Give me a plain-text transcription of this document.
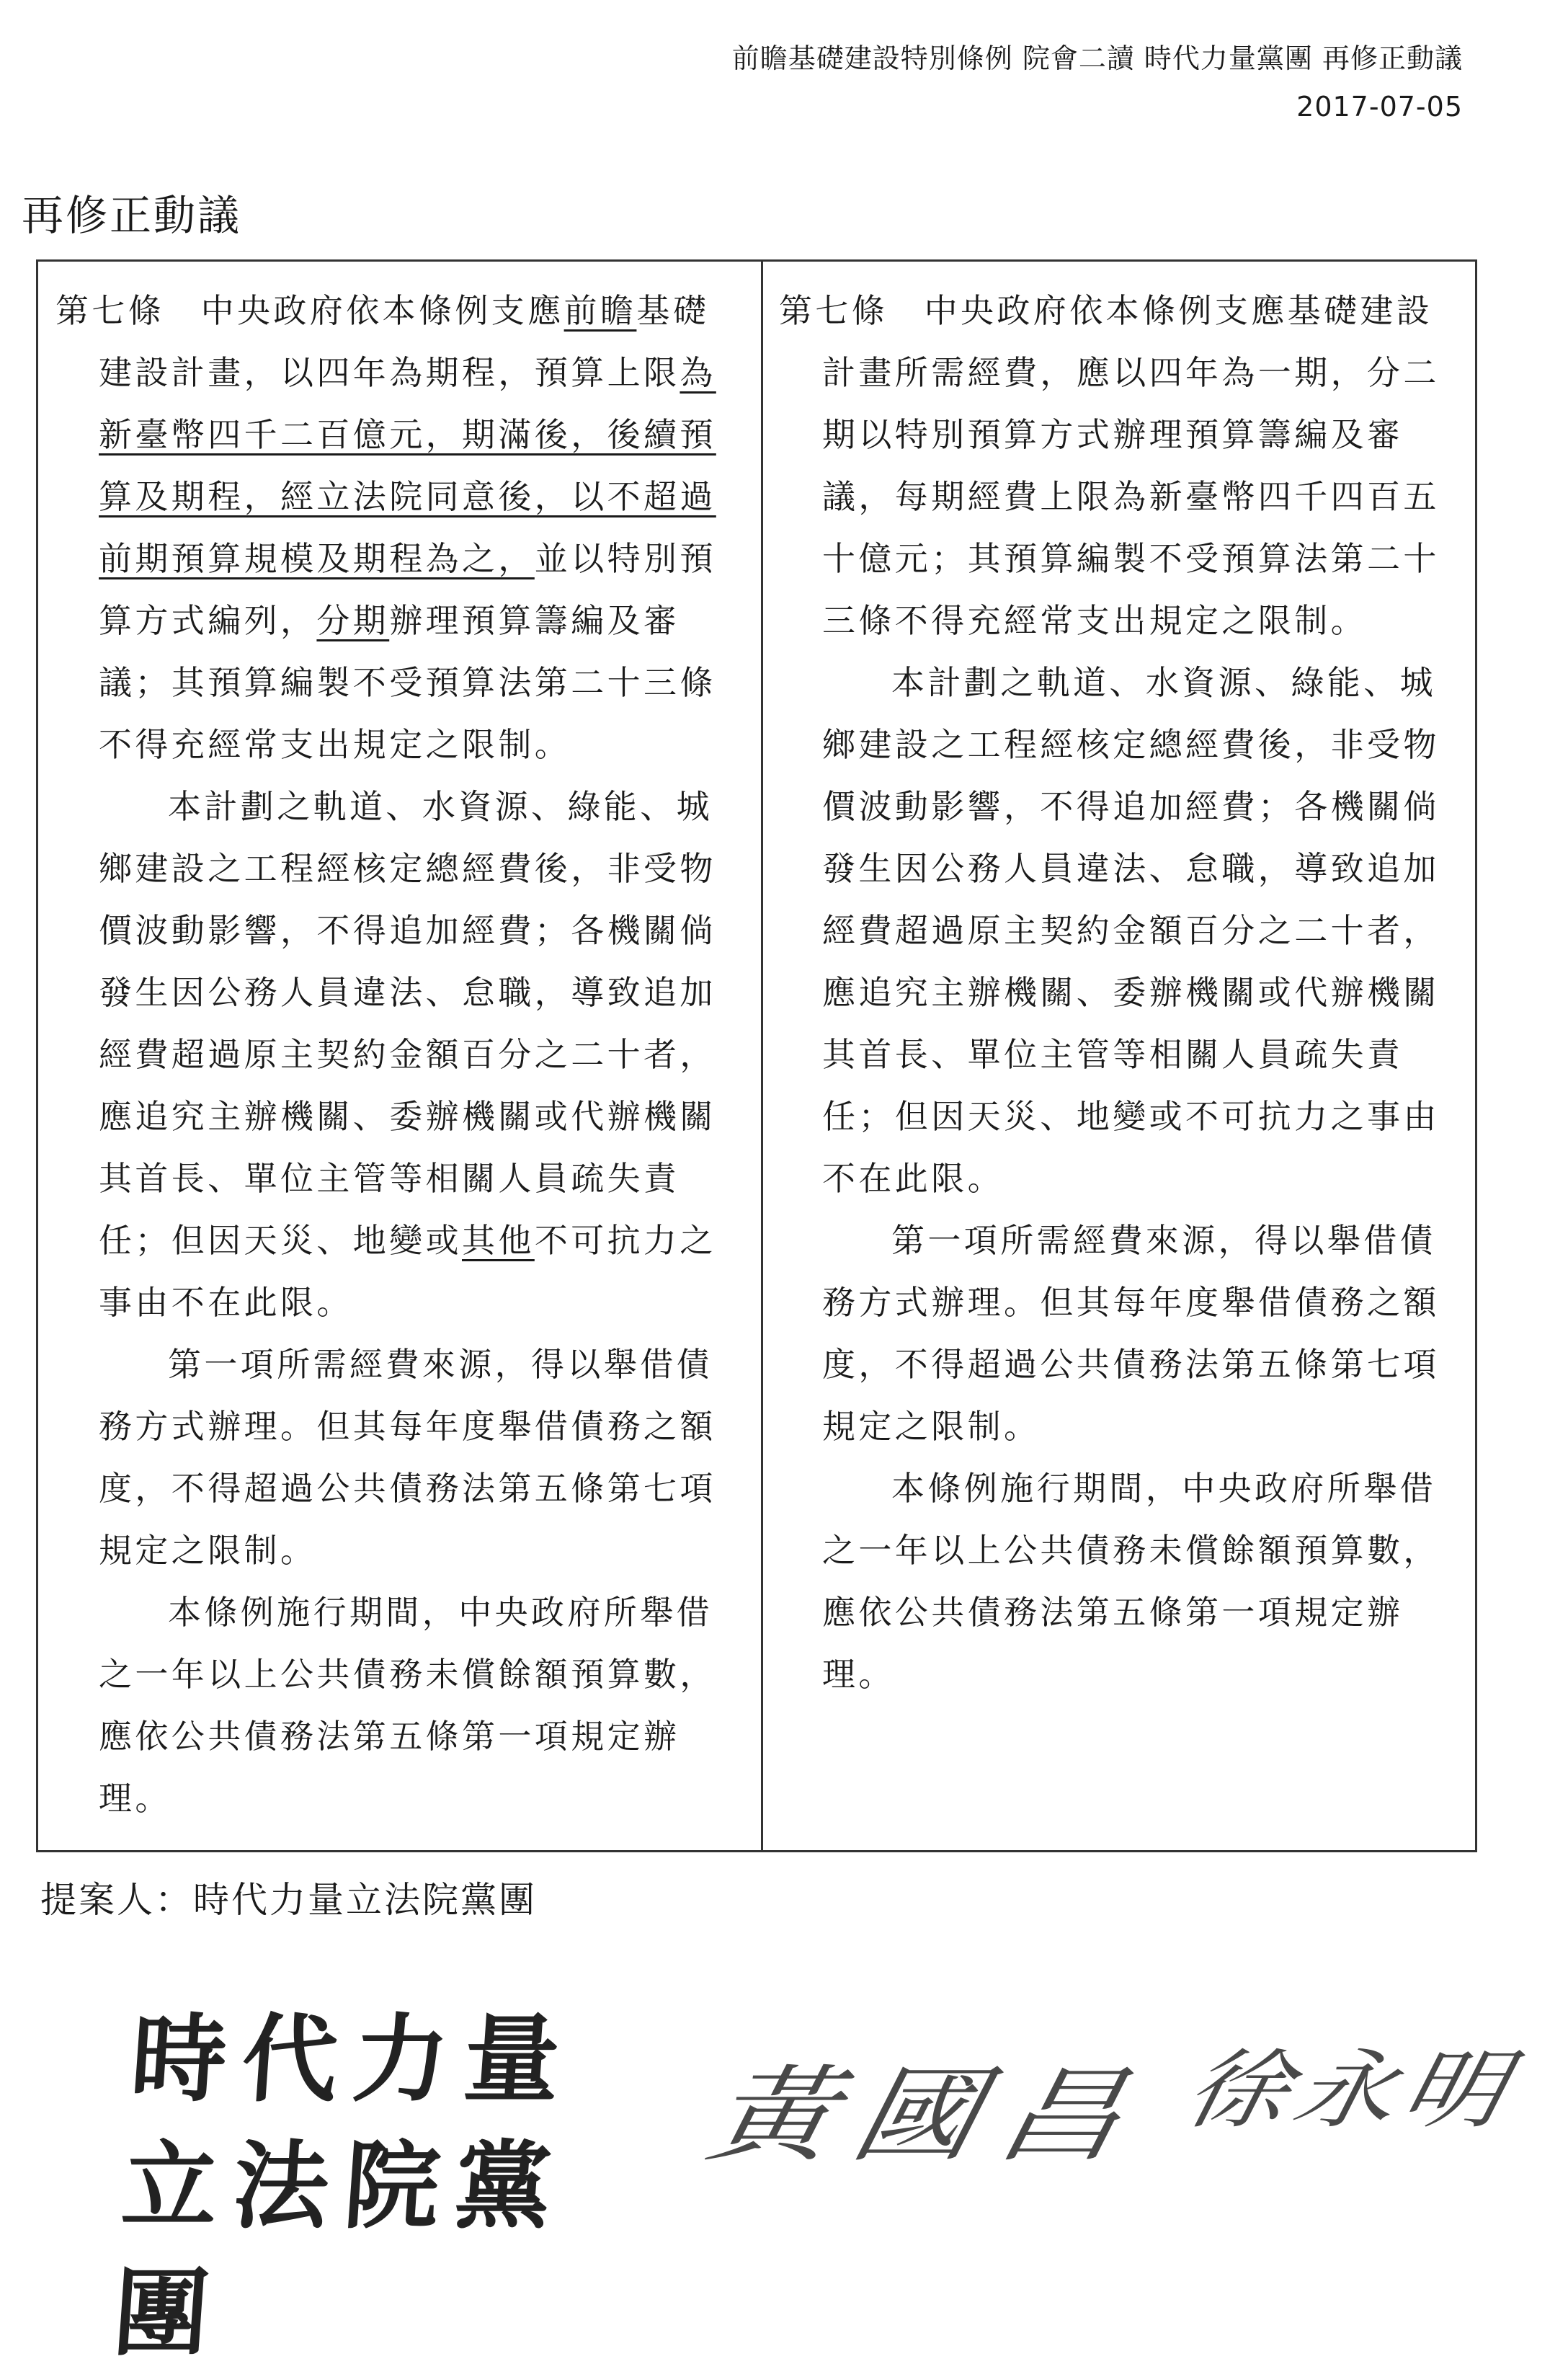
前瞻基礎建設特別條例 院會二讀 時代力量黨團 再修正動議
2017-07-05
再修正動議
第七條　中央政府依本條例支應前瞻基礎
建設計畫，以四年為期程，預算上限為
新臺幣四千二百億元，期滿後，後續預
算及期程，經立法院同意後，以不超過
前期預算規模及期程為之，並以特別預
算方式編列，分期辦理預算籌編及審
議；其預算編製不受預算法第二十三條
不得充經常支出規定之限制。
本計劃之軌道、水資源、綠能、城
鄉建設之工程經核定總經費後，非受物
價波動影響，不得追加經費；各機關倘
發生因公務人員違法、怠職，導致追加
經費超過原主契約金額百分之二十者，
應追究主辦機關、委辦機關或代辦機關
其首長、單位主管等相關人員疏失責
任；但因天災、地變或其他不可抗力之
事由不在此限。
第一項所需經費來源，得以舉借債
務方式辦理。但其每年度舉借債務之額
度，不得超過公共債務法第五條第七項
規定之限制。
本條例施行期間，中央政府所舉借
之一年以上公共債務未償餘額預算數，
應依公共債務法第五條第一項規定辦
理。
第七條　中央政府依本條例支應基礎建設
計畫所需經費，應以四年為一期，分二
期以特別預算方式辦理預算籌編及審
議，每期經費上限為新臺幣四千四百五
十億元；其預算編製不受預算法第二十
三條不得充經常支出規定之限制。
本計劃之軌道、水資源、綠能、城
鄉建設之工程經核定總經費後，非受物
價波動影響，不得追加經費；各機關倘
發生因公務人員違法、怠職，導致追加
經費超過原主契約金額百分之二十者，
應追究主辦機關、委辦機關或代辦機關
其首長、單位主管等相關人員疏失責
任；但因天災、地變或不可抗力之事由
不在此限。
第一項所需經費來源，得以舉借債
務方式辦理。但其每年度舉借債務之額
度，不得超過公共債務法第五條第七項
規定之限制。
本條例施行期間，中央政府所舉借
之一年以上公共債務未償餘額預算數，
應依公共債務法第五條第一項規定辦
理。
提案人：時代力量立法院黨團
時代力量
立法院黨團
黃國昌 徐永明
